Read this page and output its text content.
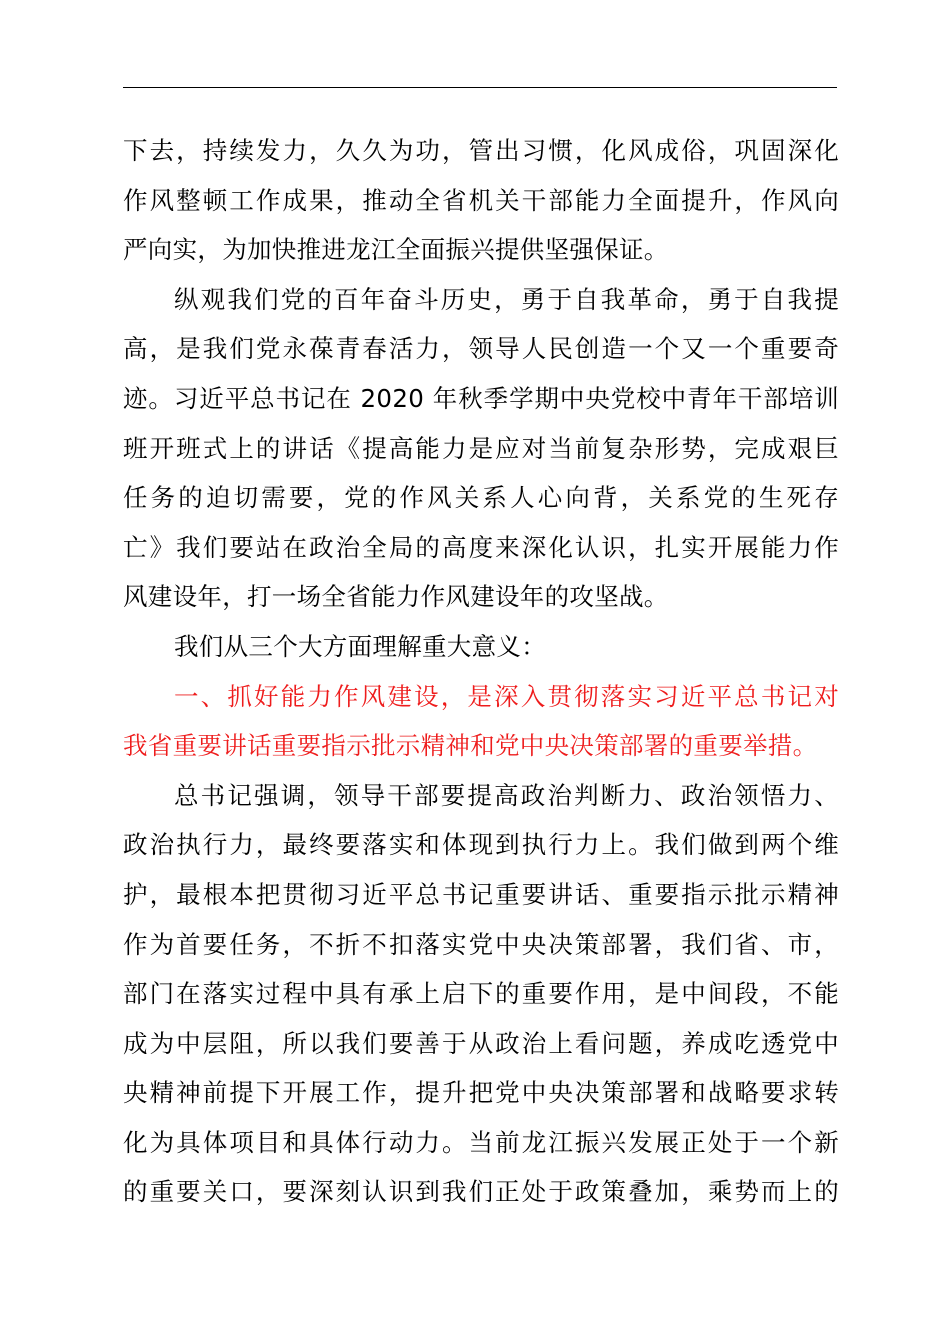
下去，持续发力，久久为功，管出习惯，化风成俗，巩固深化
作风整顿工作成果，推动全省机关干部能力全面提升，作风向
严向实，为加快推进龙江全面振兴提供坚强保证。
纵观我们党的百年奋斗历史，勇于自我革命，勇于自我提
高，是我们党永葆青春活力，领导人民创造一个又一个重要奇
迹。习近平总书记在 2020 年秋季学期中央党校中青年干部培训
班开班式上的讲话《提高能力是应对当前复杂形势，完成艰巨
任务的迫切需要，党的作风关系人心向背，关系党的生死存
亡》我们要站在政治全局的高度来深化认识，扎实开展能力作
风建设年，打一场全省能力作风建设年的攻坚战。
我们从三个大方面理解重大意义：
一、抓好能力作风建设，是深入贯彻落实习近平总书记对
我省重要讲话重要指示批示精神和党中央决策部署的重要举措。
总书记强调，领导干部要提高政治判断力、政治领悟力、
政治执行力，最终要落实和体现到执行力上。我们做到两个维
护，最根本把贯彻习近平总书记重要讲话、重要指示批示精神
作为首要任务，不折不扣落实党中央决策部署，我们省、市，
部门在落实过程中具有承上启下的重要作用，是中间段，不能
成为中层阻，所以我们要善于从政治上看问题，养成吃透党中
央精神前提下开展工作，提升把党中央决策部署和战略要求转
化为具体项目和具体行动力。当前龙江振兴发展正处于一个新
的重要关口，要深刻认识到我们正处于政策叠加，乘势而上的
